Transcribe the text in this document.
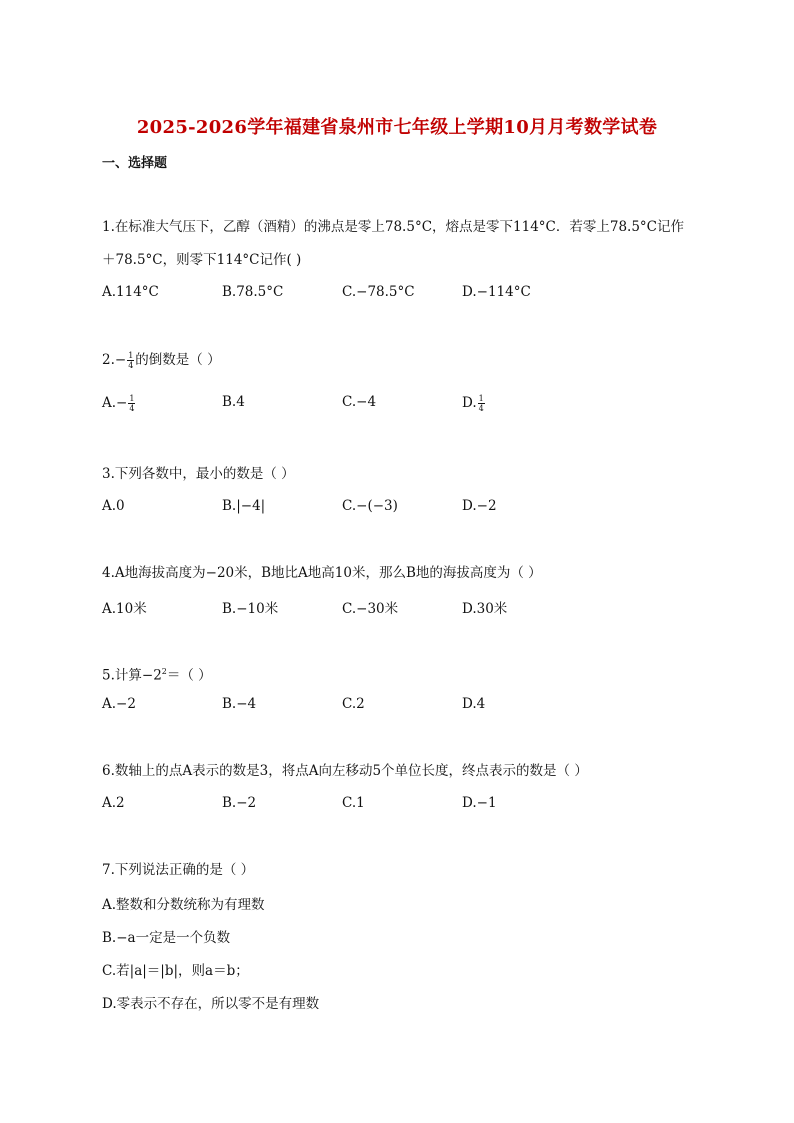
2025-2026学年福建省泉州市七年级上学期10月月考数学试卷
一、选择题
1.在标准大气压下，乙醇（酒精）的沸点是零上78.5°C，熔点是零下114°C．若零上78.5°C记作
＋78.5°C，则零下114°C记作( )
A.114°C	B.78.5°C	C.−78.5°C	D.−114°C
$2.- \frac{1}{4}$ 的倒数是（ ）
$A.- \frac{1}{4}$	B.4	C.−4	D. $\frac{1}{4}$
3.下列各数中，最小的数是（ ）
A.0	B.|−4|	C.−(−3)	D.−2
4.A地海拔高度为−20米，B地比A地高10米，那么B地的海拔高度为（ ）
A.10米	B.−10米	C.−30米	D.30米
5.计算$-2^2=$（ ）
A.−2	B.−4	C.2	D.4
6.数轴上的点A表示的数是3，将点A向左移动5个单位长度，终点表示的数是（ ）
A.2	B.−2	C.1	D.−1
7.下列说法正确的是（ ）
A.整数和分数统称为有理数
B.−a一定是一个负数
C.若|a|＝|b|，则a＝b；
D.零表示不存在，所以零不是有理数
